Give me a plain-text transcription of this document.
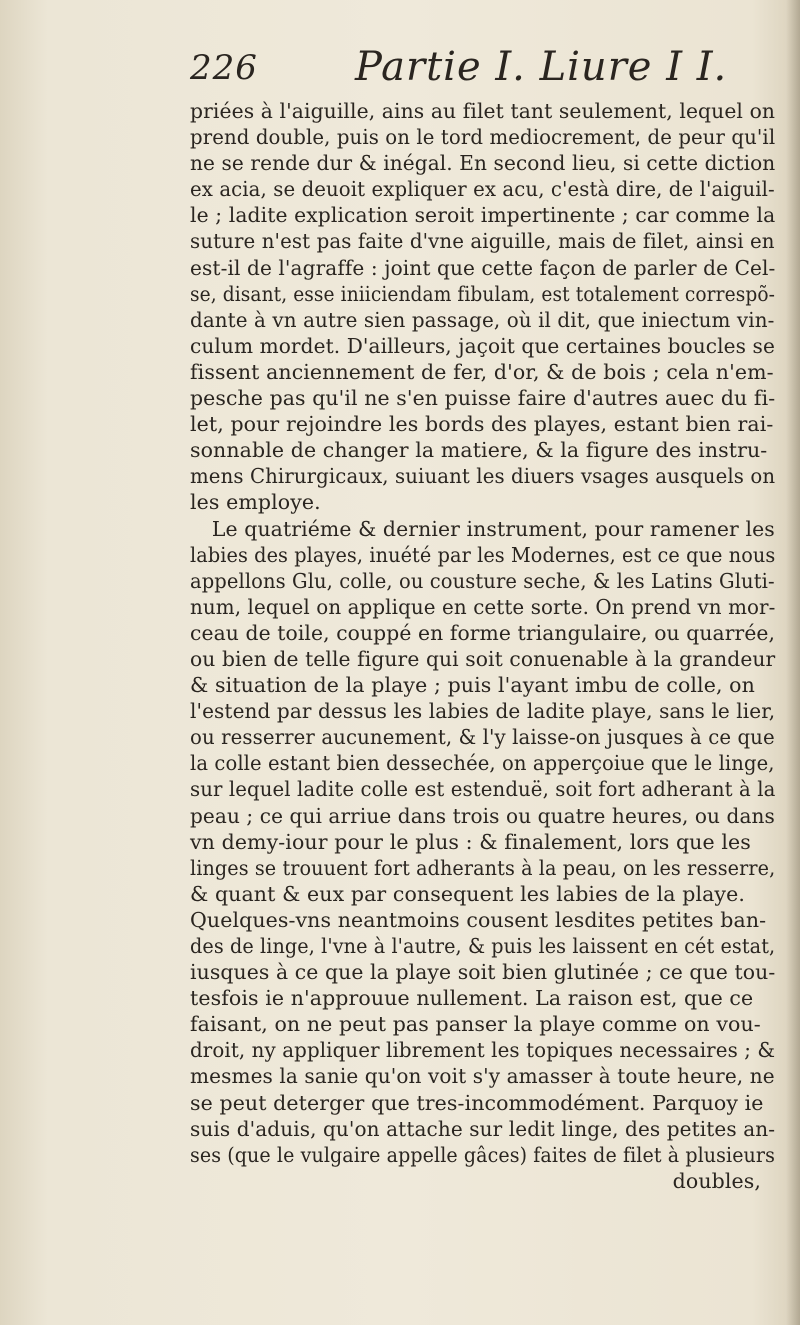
226 Partie I. Liure I I.
priées à l'aiguille, ains au filet tant seulement, lequel on
prend double, puis on le tord mediocrement, de peur qu'il
ne se rende dur & inégal. En second lieu, si cette diction
ex acia, se deuoit expliquer ex acu, c'està dire, de l'aiguil-
le ; ladite explication seroit impertinente ; car comme la
suture n'est pas faite d'vne aiguille, mais de filet, ainsi en
est-il de l'agraffe : joint que cette façon de parler de Cel-
se, disant, esse iniiciendam fibulam, est totalement correspõ-
dante à vn autre sien passage, où il dit, que iniectum vin-
culum mordet. D'ailleurs, jaçoit que certaines boucles se
fissent anciennement de fer, d'or, & de bois ; cela n'em-
pesche pas qu'il ne s'en puisse faire d'autres auec du fi-
let, pour rejoindre les bords des playes, estant bien rai-
sonnable de changer la matiere, & la figure des instru-
mens Chirurgicaux, suiuant les diuers vsages ausquels on
les employe.
Le quatriéme & dernier instrument, pour ramener les
labies des playes, inuété par les Modernes, est ce que nous
appellons Glu, colle, ou cousture seche, & les Latins Gluti-
num, lequel on applique en cette sorte. On prend vn mor-
ceau de toile, couppé en forme triangulaire, ou quarrée,
ou bien de telle figure qui soit conuenable à la grandeur
& situation de la playe ; puis l'ayant imbu de colle, on
l'estend par dessus les labies de ladite playe, sans le lier,
ou resserrer aucunement, & l'y laisse-on jusques à ce que
la colle estant bien dessechée, on apperçoiue que le linge,
sur lequel ladite colle est estenduë, soit fort adherant à la
peau ; ce qui arriue dans trois ou quatre heures, ou dans
vn demy-iour pour le plus : & finalement, lors que les
linges se trouuent fort adherants à la peau, on les resserre,
& quant & eux par consequent les labies de la playe.
Quelques-vns neantmoins cousent lesdites petites ban-
des de linge, l'vne à l'autre, & puis les laissent en cét estat,
iusques à ce que la playe soit bien glutinée ; ce que tou-
tesfois ie n'approuue nullement. La raison est, que ce
faisant, on ne peut pas panser la playe comme on vou-
droit, ny appliquer librement les topiques necessaires ; &
mesmes la sanie qu'on voit s'y amasser à toute heure, ne
se peut deterger que tres-incommodément. Parquoy ie
suis d'aduis, qu'on attache sur ledit linge, des petites an-
ses (que le vulgaire appelle gâces) faites de filet à plusieurs
doubles,
